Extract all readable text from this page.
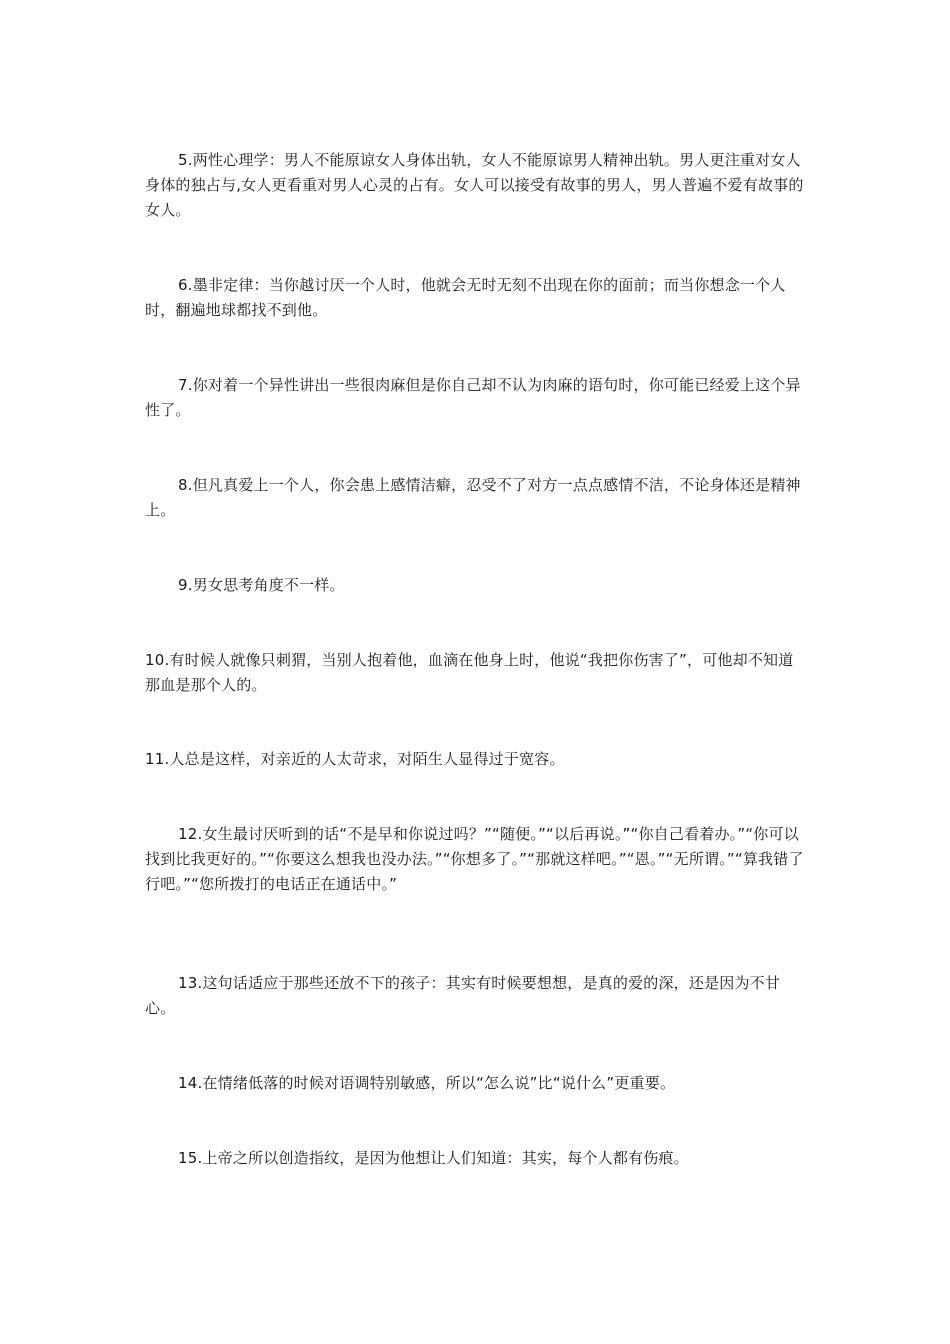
5.两性心理学：男人不能原谅女人身体出轨，女人不能原谅男人精神出轨。男人更注重对女人身体的独占与,女人更看重对男人心灵的占有。女人可以接受有故事的男人，男人普遍不爱有故事的女人。

6.墨非定律：当你越讨厌一个人时，他就会无时无刻不出现在你的面前；而当你想念一个人时，翻遍地球都找不到他。

7.你对着一个异性讲出一些很肉麻但是你自己却不认为肉麻的语句时，你可能已经爱上这个异性了。

8.但凡真爱上一个人，你会患上感情洁癖，忍受不了对方一点点感情不洁，不论身体还是精神上。

9.男女思考角度不一样。

10.有时候人就像只刺猬，当别人抱着他，血滴在他身上时，他说“我把你伤害了”，可他却不知道那血是那个人的。

11.人总是这样，对亲近的人太苛求，对陌生人显得过于宽容。

12.女生最讨厌听到的话“不是早和你说过吗？”“随便。”“以后再说。”“你自己看着办。”“你可以找到比我更好的。”“你要这么想我也没办法。”“你想多了。”“那就这样吧。”“恩。”“无所谓。”“算我错了行吧。”“您所拨打的电话正在通话中。”

13.这句话适应于那些还放不下的孩子：其实有时候要想想，是真的爱的深，还是因为不甘心。

14.在情绪低落的时候对语调特别敏感，所以“怎么说”比“说什么”更重要。

15.上帝之所以创造指纹，是因为他想让人们知道：其实，每个人都有伤痕。
